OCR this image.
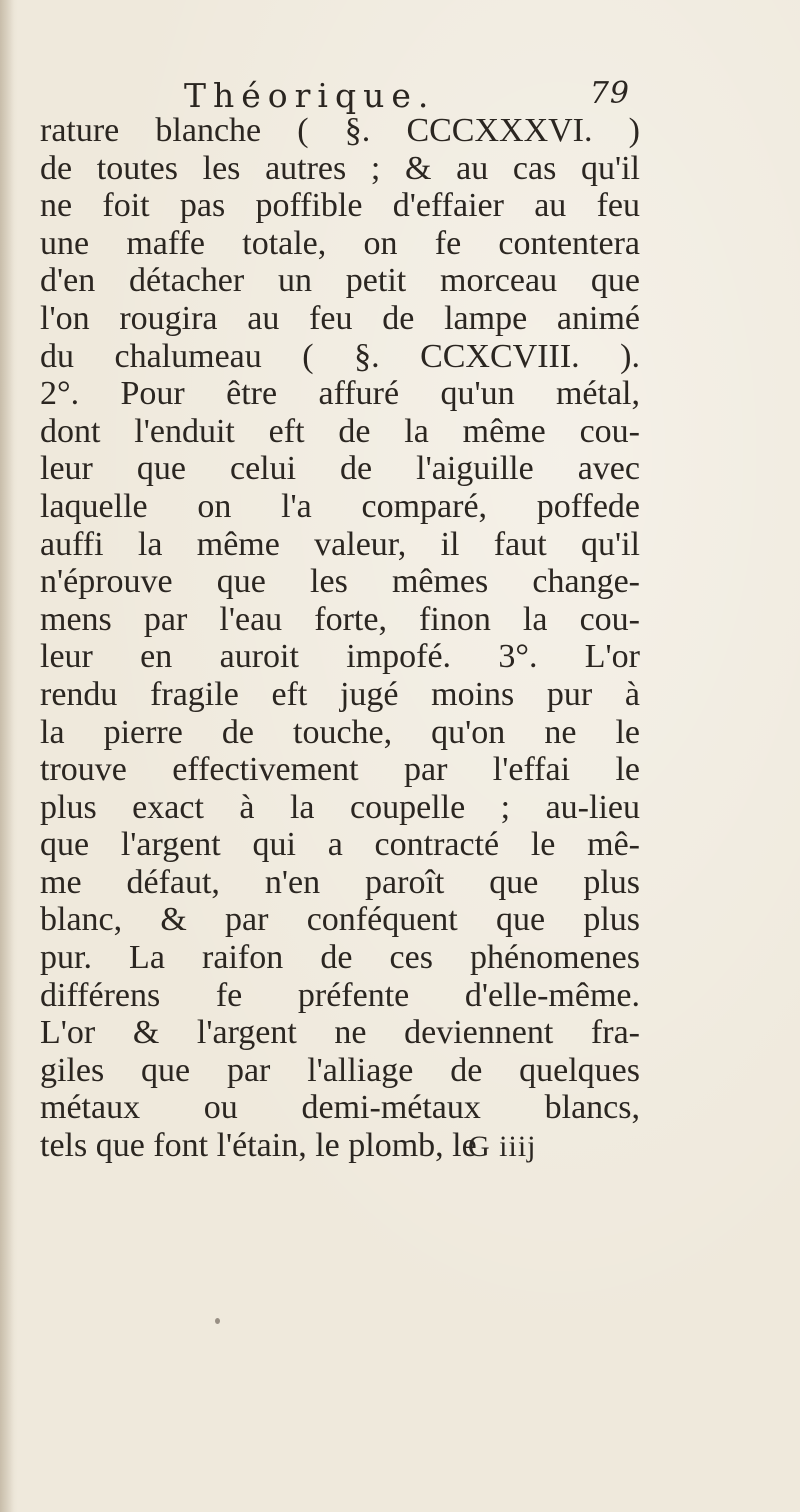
Théorique.	79
rature blanche ( §. CCCXXXVI. )
de toutes les autres ; & au cas qu'il
ne foit pas poffible d'effaier au feu
une maffe totale, on fe contentera
d'en détacher un petit morceau que
l'on rougira au feu de lampe animé
du chalumeau ( §. CCXCVIII. ).
2°. Pour être affuré qu'un métal,
dont l'enduit eft de la même cou-
leur que celui de l'aiguille avec
laquelle on l'a comparé, poffede
auffi la même valeur, il faut qu'il
n'éprouve que les mêmes change-
mens par l'eau forte, finon la cou-
leur en auroit impofé. 3°. L'or
rendu fragile eft jugé moins pur à
la pierre de touche, qu'on ne le
trouve effectivement par l'effai le
plus exact à la coupelle ; au-lieu
que l'argent qui a contracté le mê-
me défaut, n'en paroît que plus
blanc, & par conféquent que plus
pur. La raifon de ces phénomenes
différens fe préfente d'elle-même.
L'or & l'argent ne deviennent fra-
giles que par l'alliage de quelques
métaux ou demi-métaux blancs,
tels que font l'étain, le plomb, le
G iiij
